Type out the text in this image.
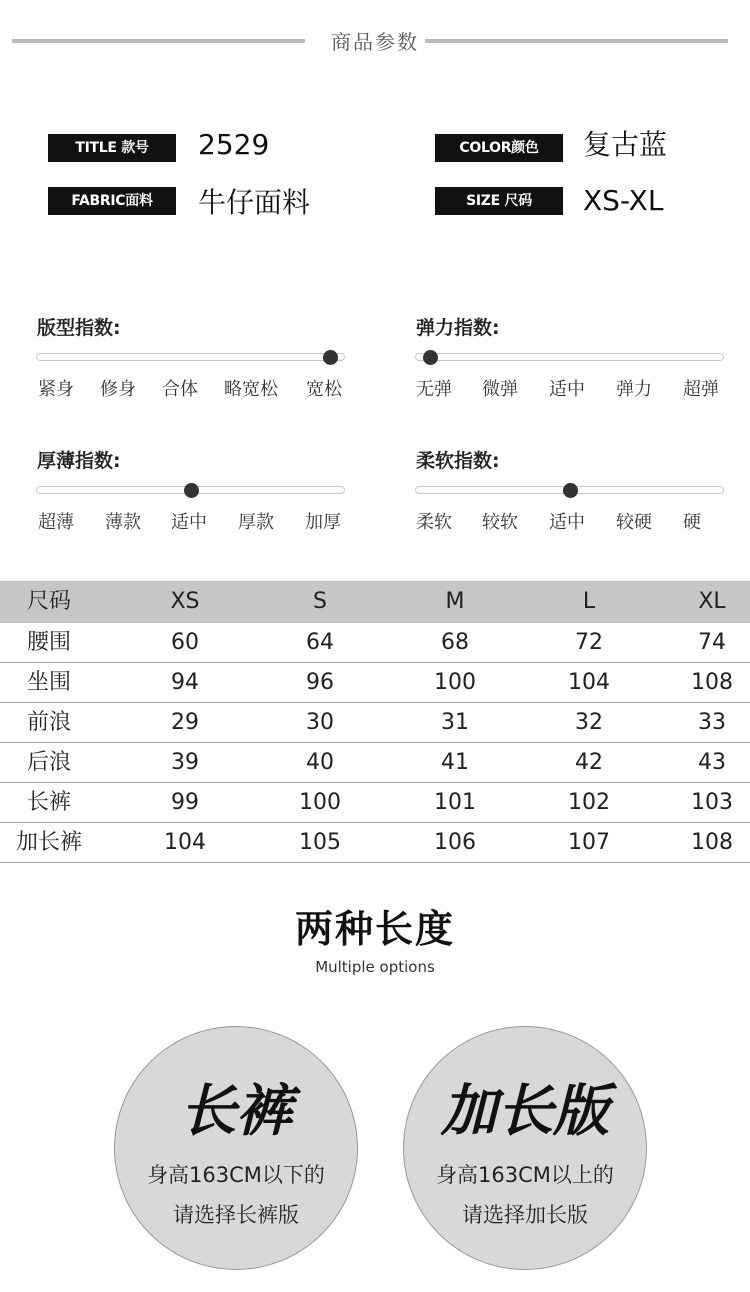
商品参数
TITLE 款号	2529	COLOR颜色	复古蓝
FABRIC面料	牛仔面料	SIZE 尺码	XS-XL
版型指数:
紧身 修身 合体 略宽松 宽松
弹力指数:
无弹 微弹 适中 弹力 超弹
厚薄指数:
超薄 薄款 适中 厚款 加厚
柔软指数:
柔软 较软 适中 较硬 硬
尺码	XS	S	M	L	XL
腰围	60	64	68	72	74
坐围	94	96	100	104	108
前浪	29	30	31	32	33
后浪	39	40	41	42	43
长裤	99	100	101	102	103
加长裤	104	105	106	107	108
两种长度
Multiple options
长裤
身高163CM以下的
请选择长裤版
加长版
身高163CM以上的
请选择加长版
